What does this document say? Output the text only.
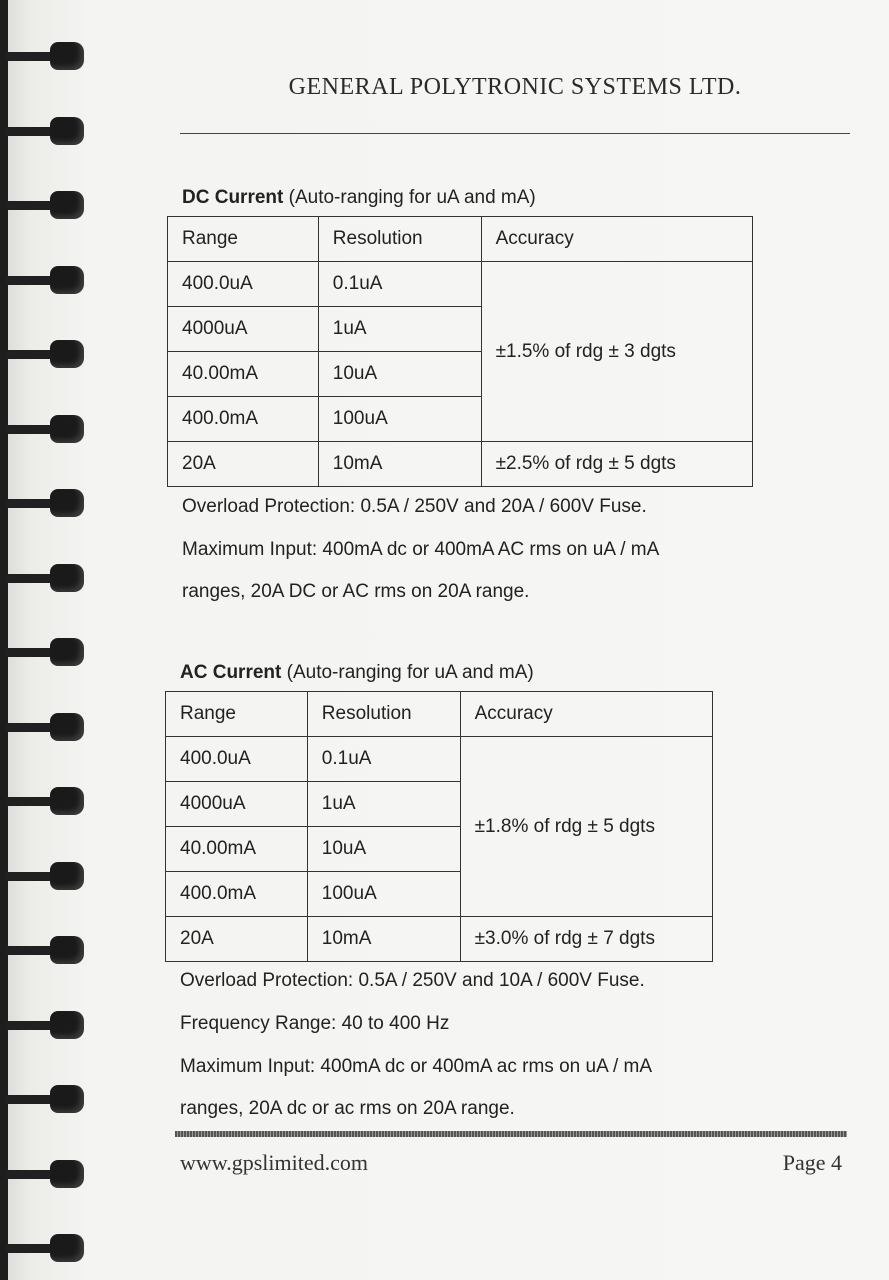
GENERAL POLYTRONIC SYSTEMS LTD.
DC Current (Auto-ranging for uA and mA)
Range	Resolution	Accuracy
400.0uA	0.1uA	±1.5% of rdg ± 3 dgts
4000uA	1uA	
40.00mA	10uA	
400.0mA	100uA	
20A	10mA	±2.5% of rdg ± 5 dgts
Overload Protection: 0.5A / 250V and 20A / 600V Fuse.
Maximum Input: 400mA dc or 400mA AC rms on uA / mA
ranges, 20A DC or AC rms on 20A range.
AC Current (Auto-ranging for uA and mA)
Range	Resolution	Accuracy
400.0uA	0.1uA	±1.8% of rdg ± 5 dgts
4000uA	1uA	
40.00mA	10uA	
400.0mA	100uA	
20A	10mA	±3.0% of rdg ± 7 dgts
Overload Protection: 0.5A / 250V and 10A / 600V Fuse.
Frequency Range: 40 to 400 Hz
Maximum Input: 400mA dc or 400mA ac rms on uA / mA
ranges, 20A dc or ac rms on 20A range.
www.gpslimited.com	Page 4
